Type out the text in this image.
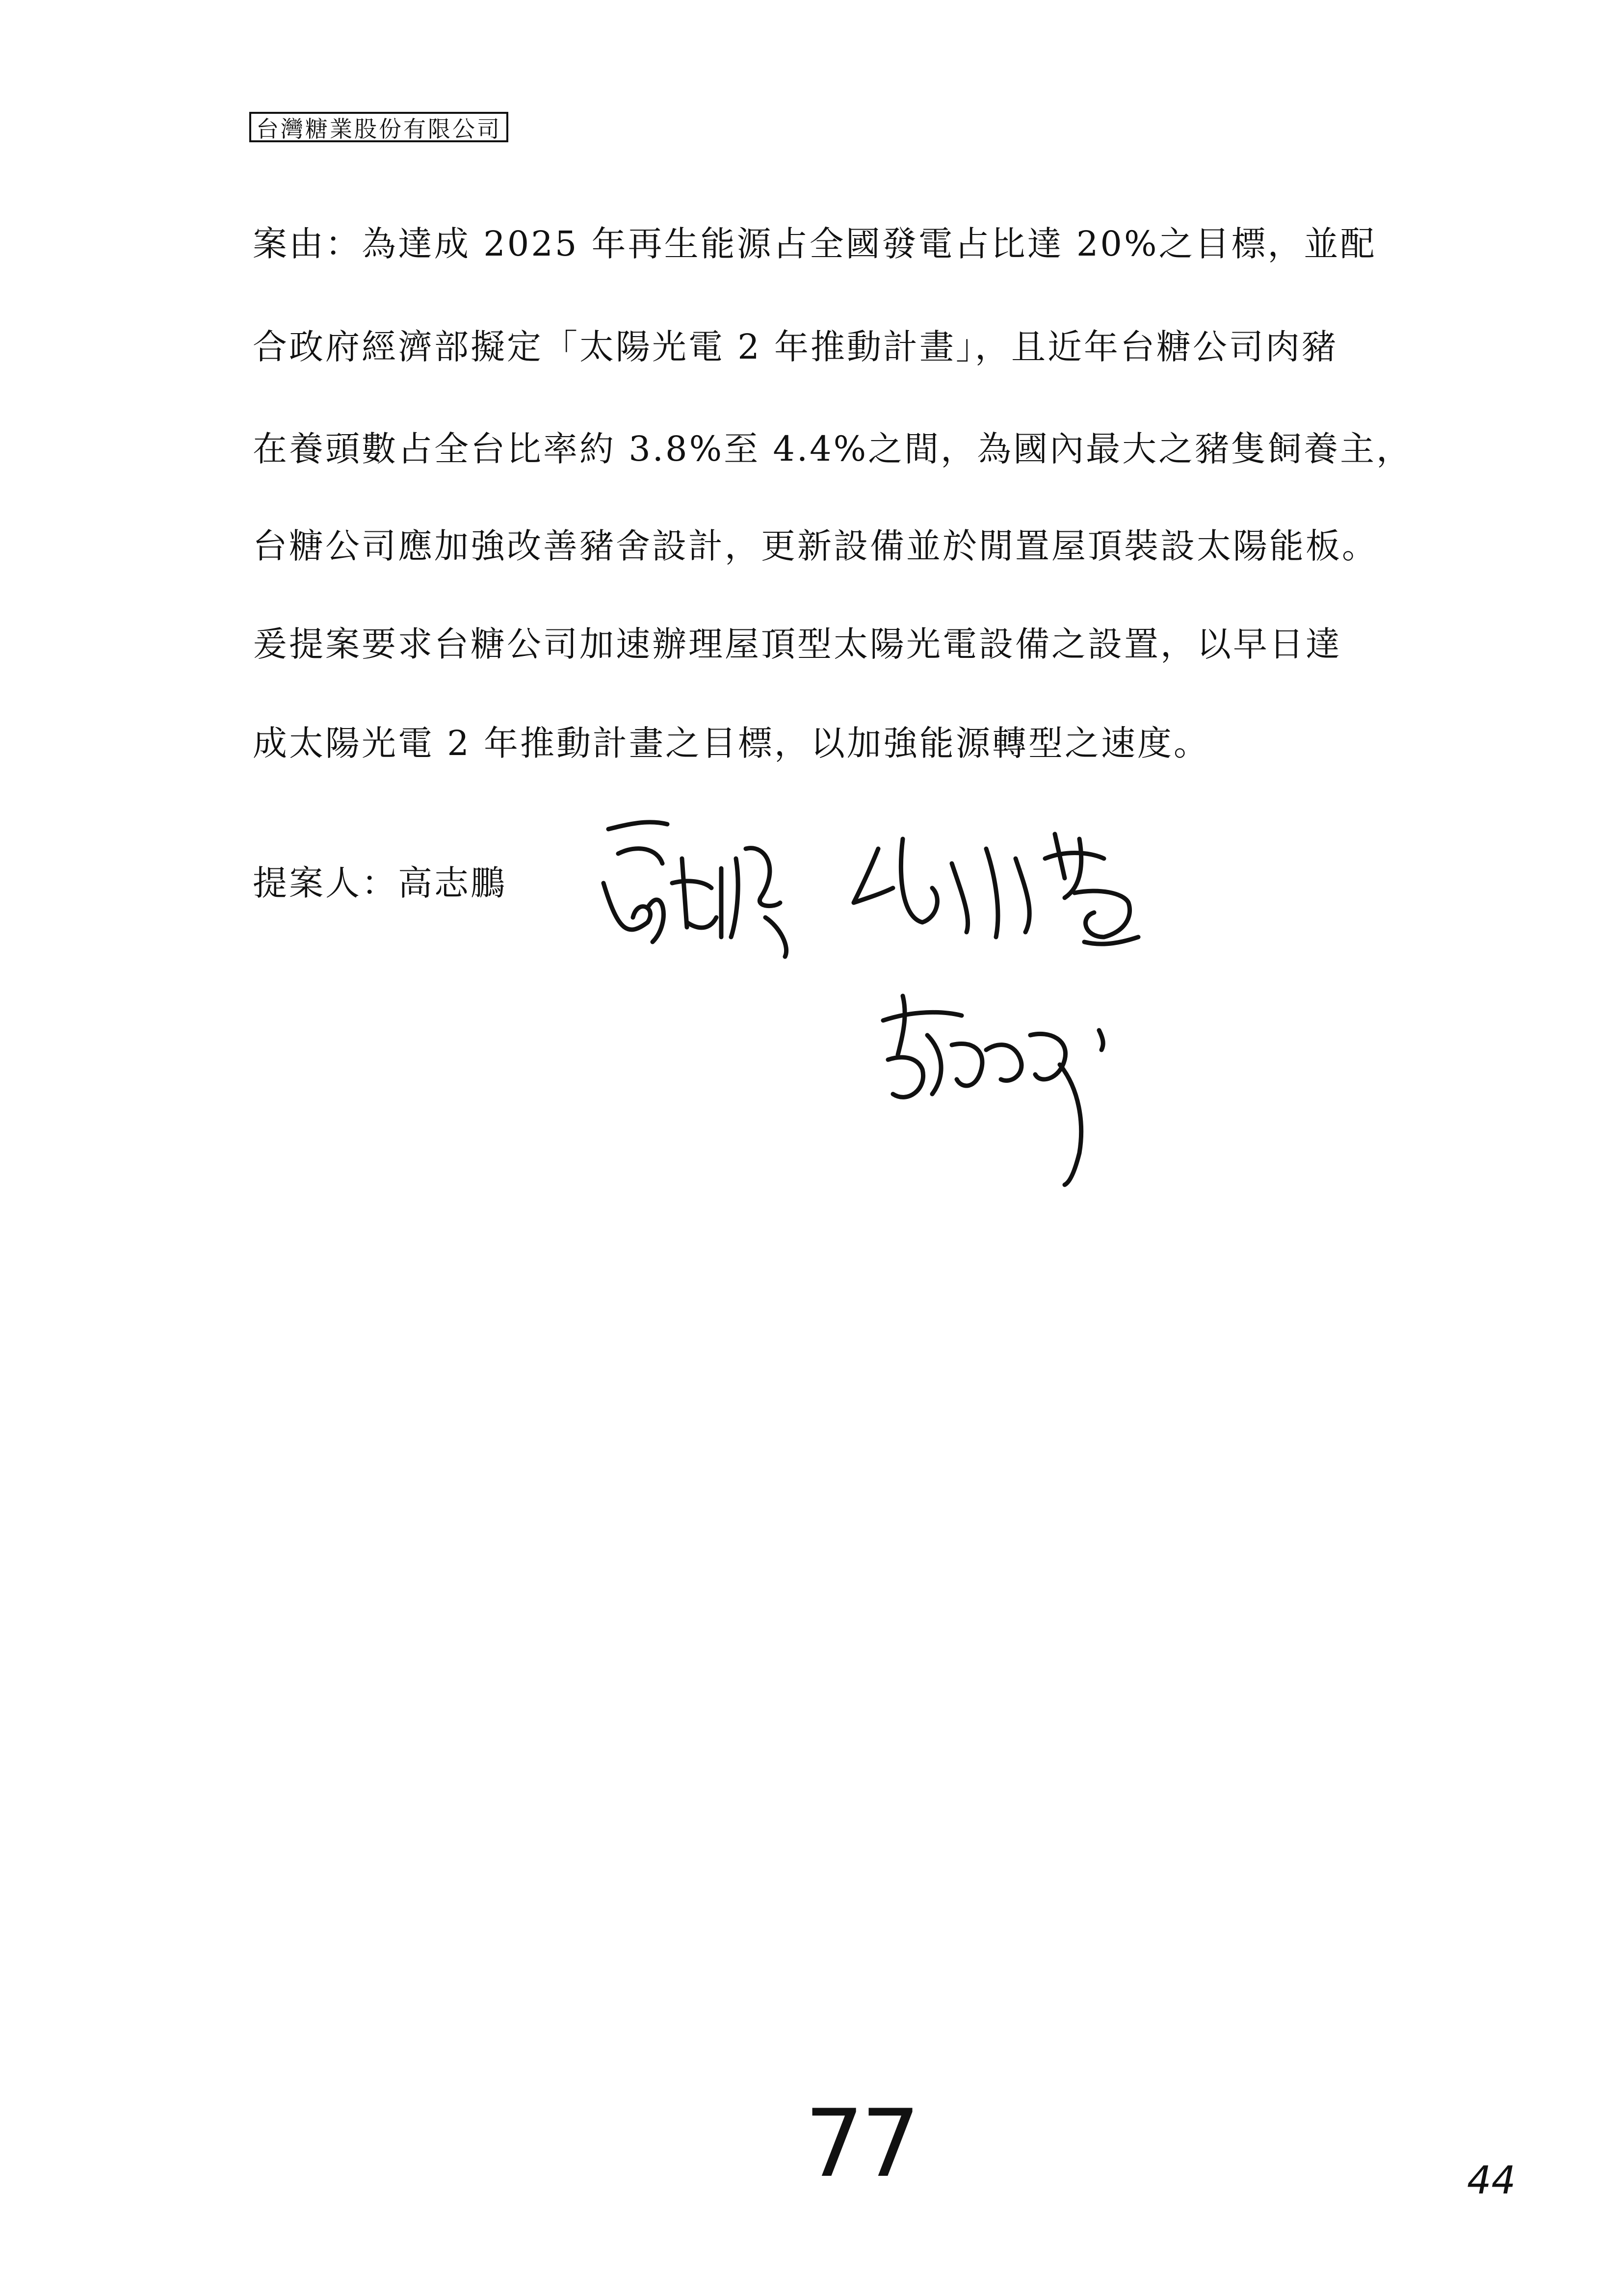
台灣糖業股份有限公司
案由：為達成 2025 年再生能源占全國發電占比達 20%之目標，並配
合政府經濟部擬定「太陽光電 2 年推動計畫」，且近年台糖公司肉豬
在養頭數占全台比率約 3.8%至 4.4%之間，為國內最大之豬隻飼養主，
台糖公司應加強改善豬舍設計，更新設備並於閒置屋頂裝設太陽能板。
爰提案要求台糖公司加速辦理屋頂型太陽光電設備之設置，以早日達
成太陽光電 2 年推動計畫之目標，以加強能源轉型之速度。
提案人：高志鵬
77	44
